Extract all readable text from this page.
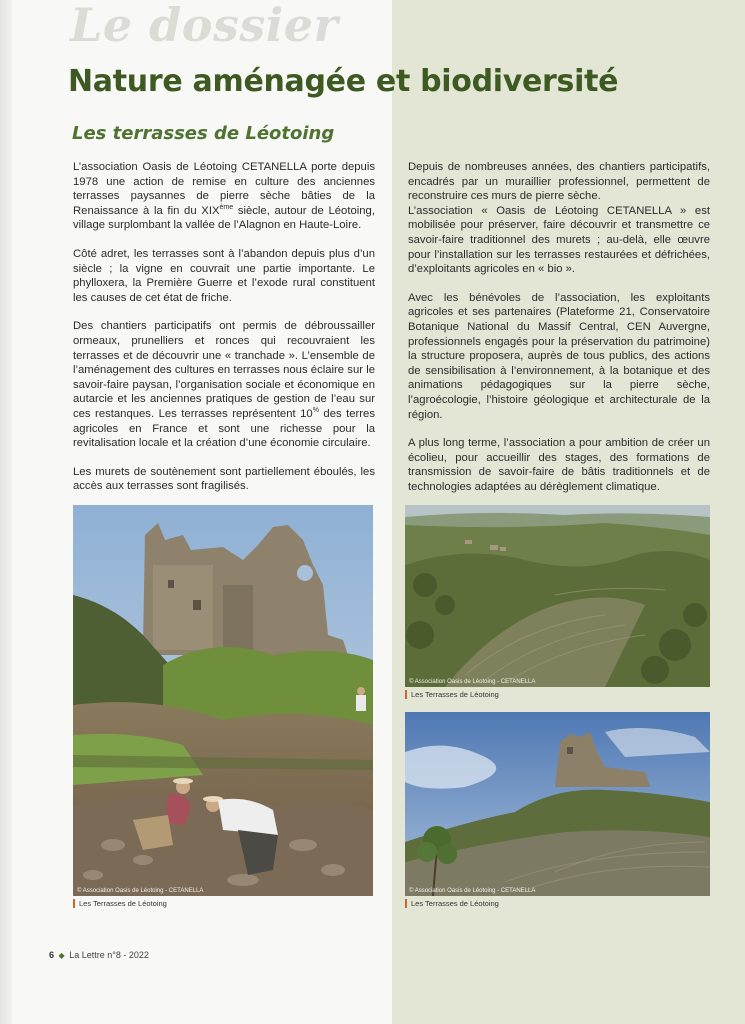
Le dossier
Nature aménagée et biodiversité
Les terrasses de Léotoing

L’association Oasis de Léotoing CETANELLA porte depuis 1978 une action de remise en culture des anciennes terrasses paysannes de pierre sèche bâties de la Renaissance à la fin du XIXème siècle, autour de Léotoing, village surplombant la vallée de l’Alagnon en Haute-Loire.

Côté adret, les terrasses sont à l’abandon depuis plus d’un siècle ; la vigne en couvrait une partie importante. Le phylloxera, la Première Guerre et l’exode rural constituent les causes de cet état de friche.

Des chantiers participatifs ont permis de débroussailler ormeaux, prunelliers et ronces qui recouvraient les terrasses et de découvrir une « tranchade ». L’ensemble de l’aménagement des cultures en terrasses nous éclaire sur le savoir-faire paysan, l’organisation sociale et économique en autarcie et les anciennes pratiques de gestion de l’eau sur ces restanques. Les terrasses représentent 10% des terres agricoles en France et sont une richesse pour la revitalisation locale et la création d’une économie circulaire.

Les murets de soutènement sont partiellement éboulés, les accès aux terrasses sont fragilisés.

Depuis de nombreuses années, des chantiers participatifs, encadrés par un muraillier professionnel, permettent de reconstruire ces murs de pierre sèche.

L’association « Oasis de Léotoing CETANELLA » est mobilisée pour préserver, faire découvrir et transmettre ce savoir-faire traditionnel des murets ; au-delà, elle œuvre pour l’installation sur les terrasses restaurées et défrichées, d’exploitants agricoles en « bio ».

Avec les bénévoles de l’association, les exploitants agricoles et ses partenaires (Plateforme 21, Conservatoire Botanique National du Massif Central, CEN Auvergne, professionnels engagés pour la préservation du patrimoine) la structure proposera, auprès de tous publics, des actions de sensibilisation à l’environnement, à la botanique et des animations pédagogiques sur la pierre sèche, l’agroécologie, l’histoire géologique et architecturale de la région.

A plus long terme, l’association a pour ambition de créer un écolieu, pour accueillir des stages, des formations de transmission de savoir-faire de bâtis traditionnels et de technologies adaptées au dérèglement climatique.

© Association Oasis de Léotoing - CETANELLA
Les Terrasses de Léotoing
© Association Oasis de Léotoing - CETANELLA
Les Terrasses de Léotoing
© Association Oasis de Léotoing - CETANELLA
Les Terrasses de Léotoing
6 ◆ La Lettre n°8 - 2022
